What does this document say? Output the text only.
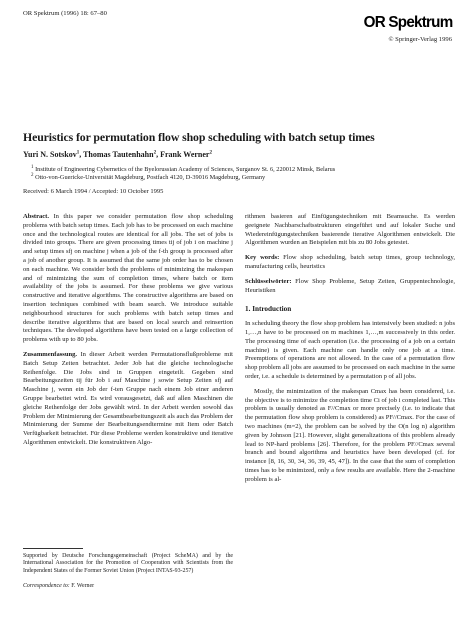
OR Spektrum (1996) 18: 67–80
OR Spektrum
© Springer-Verlag 1996
Heuristics for permutation flow shop scheduling with batch setup times
Yuri N. Sotskov$^1$, Thomas Tautenhahn$^2$, Frank Werner$^2$
$^1$ Institute of Engineering Cybernetics of the Byelorussian Academy of Sciences, Surganov St. 6, 220012 Minsk, Belarus
$^2$ Otto-von-Guericke-Universität Magdeburg, Postfach 4120, D-39016 Magdeburg, Germany
Received: 6 March 1994 / Accepted: 10 October 1995

Abstract. In this paper we consider permutation flow shop scheduling problems with batch setup times. Each job has to be processed on each machine once and the technological routes are identical for all jobs. The set of jobs is divided into groups. There are given processing times tij of job i on machine j and setup times sfj on machine j when a job of the f-th group is processed after a job of another group. It is assumed that the same job order has to be chosen on each machine. We consider both the problems of minimizing the makespan and of minimizing the sum of completion times, where batch or item availability of the jobs is assumed. For these problems we give various constructive and iterative algorithms. The constructive algorithms are based on insertion techniques combined with beam search. We introduce suitable neighbourhood structures for such problems with batch setup times and describe iterative algorithms that are based on local search and reinsertion techniques. The developed algorithms have been tested on a large collection of problems with up to 80 jobs.

Zusammenfassung. In dieser Arbeit werden Permutationsflußprobleme mit Batch Setup Zeiten betrachtet. Jeder Job hat die gleiche technologische Reihenfolge. Die Jobs sind in Gruppen eingeteilt. Gegeben sind Bearbeitungszeiten tij für Job i auf Maschine j sowie Setup Zeiten sfj auf Maschine j, wenn ein Job der f-ten Gruppe nach einem Job einer anderen Gruppe bearbeitet wird. Es wird vorausgesetzt, daß auf allen Maschinen die gleiche Reihenfolge der Jobs gewählt wird. In der Arbeit werden sowohl das Problem der Minimierung der Gesamtbearbeitungszeit als auch das Problem der Minimierung der Summe der Bearbeitungsendtermine mit Item oder Batch Verfügbarkeit betrachtet. Für diese Probleme werden konstruktive und iterative Algorithmen entwickelt. Die konstruktiven Algo-

rithmen basieren auf Einfügungstechniken mit Beamsuche. Es werden geeignete Nachbarschaftsstrukturen eingeführt und auf lokaler Suche und Wiedereinfügungstechniken basierende iterative Algorithmen entwickelt. Die Algorithmen wurden an Beispielen mit bis zu 80 Jobs getestet.

Key words: Flow shop scheduling, batch setup times, group technology, manufacturing cells, heuristics

Schlüsselwörter: Flow Shop Probleme, Setup Zeiten, Gruppentechnologie, Heuristiken

1. Introduction

In scheduling theory the flow shop problem has intensively been studied: n jobs 1,…,n have to be processed on m machines 1,…,m successively in this order. The processing time of each operation (i.e. the processing of a job on a certain machine) is given. Each machine can handle only one job at a time. Preemptions of operations are not allowed. In the case of a permutation flow shop problem all jobs are assumed to be processed on each machine in the same order, i.e. a schedule is determined by a permutation p of all jobs.

Mostly, the minimization of the makespan Cmax has been considered, i.e. the objective is to minimize the completion time Ci of job i completed last. This problem is usually denoted as F//Cmax or more precisely (i.e. to indicate that the permutation flow shop problem is considered) as PF//Cmax. For the case of two machines (m=2), the problem can be solved by the O(n log n) algorithm given by Johnson [21]. However, slight generalizations of this problem already lead to NP-hard problems [26]. Therefore, for the problem PF//Cmax several branch and bound algorithms and heuristics have been developed (cf. for instance [8, 16, 30, 34, 36, 39, 45, 47]). In the case that the sum of completion times has to be minimized, only a few results are available. Here the 2-machine problem is al-

Supported by Deutsche Forschungsgemeinschaft (Project ScheMA) and by the International Association for the Promotion of Cooperation with Scientists from the Independent States of the Former Soviet Union (Project INTAS-93-257)
Correspondence to: F. Werner
